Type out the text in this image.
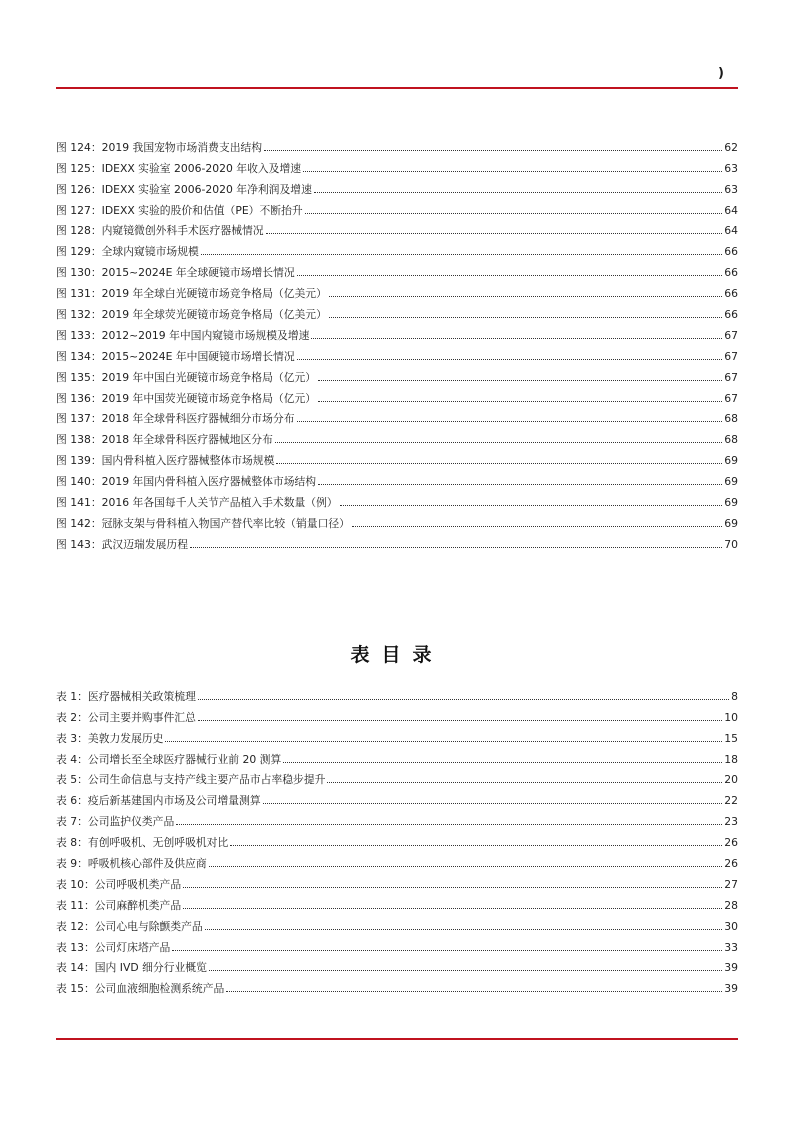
)
图 124：2019 我国宠物市场消费支出结构	62
图 125：IDEXX 实验室 2006-2020 年收入及增速	63
图 126：IDEXX 实验室 2006-2020 年净利润及增速	63
图 127：IDEXX 实验的股价和估值（PE）不断抬升	64
图 128：内窥镜微创外科手术医疗器械情况	64
图 129：全球内窥镜市场规模	66
图 130：2015~2024E 年全球硬镜市场增长情况	66
图 131：2019 年全球白光硬镜市场竞争格局（亿美元）	66
图 132：2019 年全球荧光硬镜市场竞争格局（亿美元）	66
图 133：2012~2019 年中国内窥镜市场规模及增速	67
图 134：2015~2024E 年中国硬镜市场增长情况	67
图 135：2019 年中国白光硬镜市场竞争格局（亿元）	67
图 136：2019 年中国荧光硬镜市场竞争格局（亿元）	67
图 137：2018 年全球骨科医疗器械细分市场分布	68
图 138：2018 年全球骨科医疗器械地区分布	68
图 139：国内骨科植入医疗器械整体市场规模	69
图 140：2019 年国内骨科植入医疗器械整体市场结构	69
图 141：2016 年各国每千人关节产品植入手术数量（例）	69
图 142：冠脉支架与骨科植入物国产替代率比较（销量口径）	69
图 143：武汉迈瑞发展历程	70
表目录
表 1：医疗器械相关政策梳理	8
表 2：公司主要并购事件汇总	10
表 3：美敦力发展历史	15
表 4：公司增长至全球医疗器械行业前 20 测算	18
表 5：公司生命信息与支持产线主要产品市占率稳步提升	20
表 6：疫后新基建国内市场及公司增量测算	22
表 7：公司监护仪类产品	23
表 8：有创呼吸机、无创呼吸机对比	26
表 9：呼吸机核心部件及供应商	26
表 10：公司呼吸机类产品	27
表 11：公司麻醉机类产品	28
表 12：公司心电与除颤类产品	30
表 13：公司灯床塔产品	33
表 14：国内 IVD 细分行业概览	39
表 15：公司血液细胞检测系统产品	39
